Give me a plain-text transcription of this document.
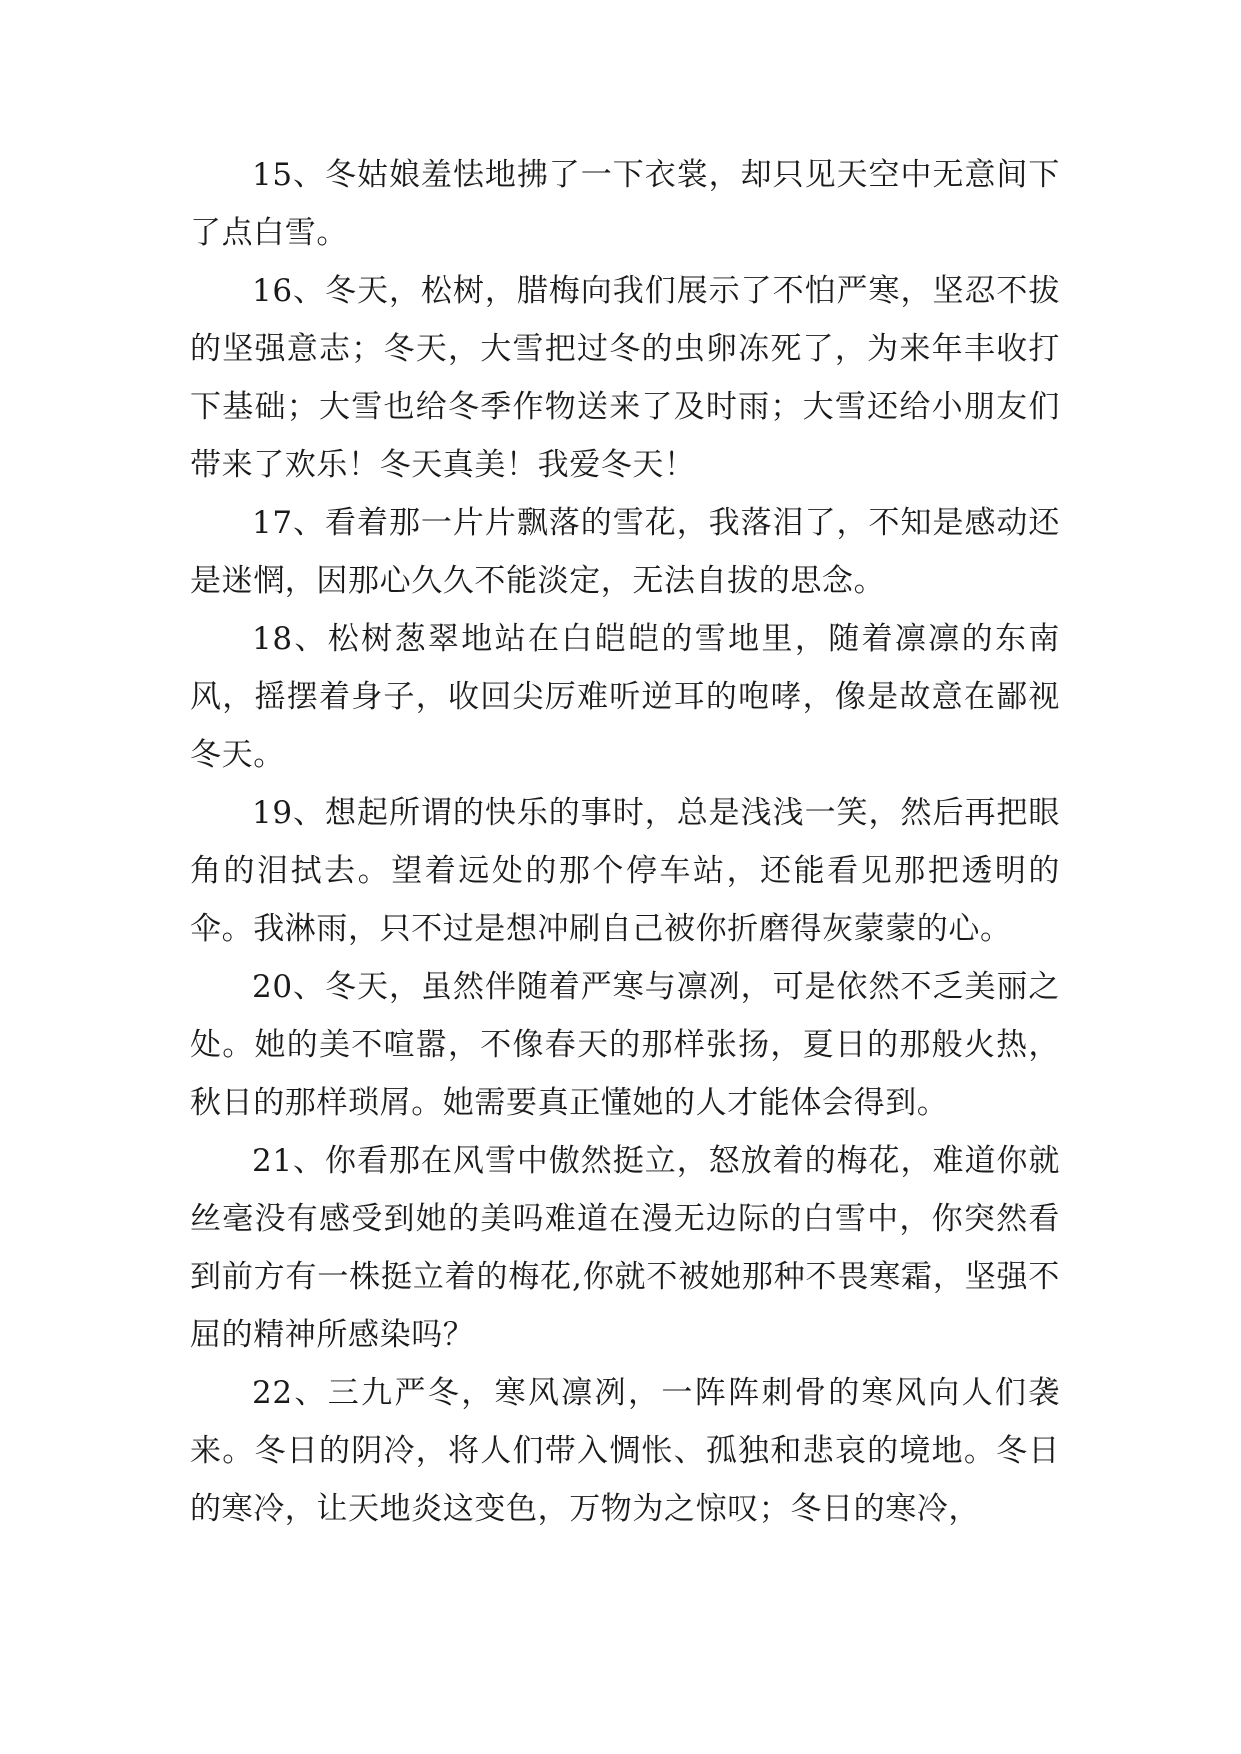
15、冬姑娘羞怯地拂了一下衣裳，却只见天空中无意间下了点白雪。

16、冬天，松树，腊梅向我们展示了不怕严寒，坚忍不拔的坚强意志；冬天，大雪把过冬的虫卵冻死了，为来年丰收打下基础；大雪也给冬季作物送来了及时雨；大雪还给小朋友们带来了欢乐！冬天真美！我爱冬天！

17、看着那一片片飘落的雪花，我落泪了，不知是感动还是迷惘，因那心久久不能淡定，无法自拔的思念。

18、松树葱翠地站在白皑皑的雪地里，随着凛凛的东南风，摇摆着身子，收回尖厉难听逆耳的咆哮，像是故意在鄙视冬天。

19、想起所谓的快乐的事时，总是浅浅一笑，然后再把眼角的泪拭去。望着远处的那个停车站，还能看见那把透明的伞。我淋雨，只不过是想冲刷自己被你折磨得灰蒙蒙的心。

20、冬天，虽然伴随着严寒与凛冽，可是依然不乏美丽之处。她的美不喧嚣，不像春天的那样张扬，夏日的那般火热，秋日的那样琐屑。她需要真正懂她的人才能体会得到。

21、你看那在风雪中傲然挺立，怒放着的梅花，难道你就丝毫没有感受到她的美吗难道在漫无边际的白雪中，你突然看到前方有一株挺立着的梅花,你就不被她那种不畏寒霜，坚强不屈的精神所感染吗？

22、三九严冬，寒风凛冽，一阵阵刺骨的寒风向人们袭来。冬日的阴冷，将人们带入惆怅、孤独和悲哀的境地。冬日的寒冷，让天地炎这变色，万物为之惊叹；冬日的寒冷，
